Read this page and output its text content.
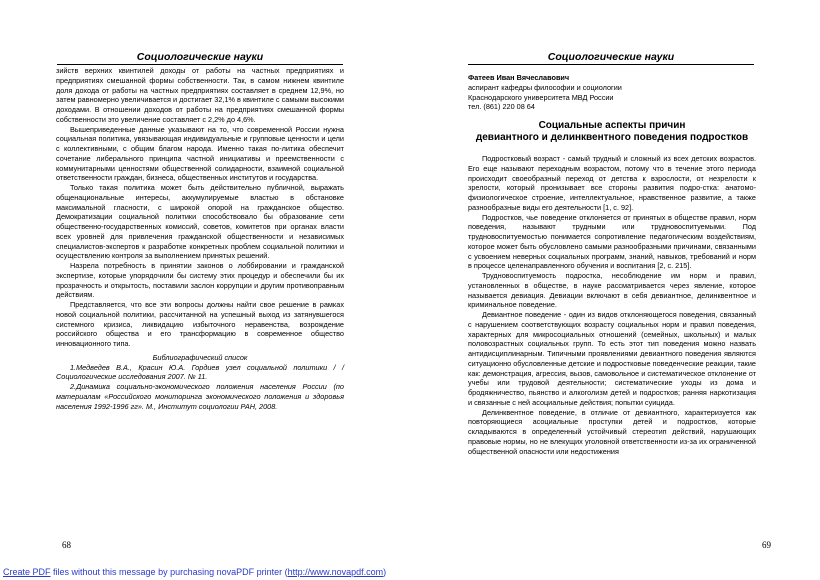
Социологические науки

зийств верхних квинтилей доходы от работы на частных предприятиях и предприятиях смешанной формы собственности. Так, в самом нижнем квинтиле доля дохода от работы на частных предприятиях составляет в среднем 12,9%, но затем равномерно увеличивается и достигает 32,1% в квинтиле с самыми высокими доходами. В отношении доходов от работы на предприятиях смешанной формы собственности это увеличение составляет с 2,2% до 4,6%.

Вышеприведенные данные указывают на то, что современной России нужна социальная политика, увязывающая индивидуальные и групповые ценности и цели с коллективными, с общим благом народа. Именно такая по-литика обеспечит сочетание либерального принципа частной инициативы и преемственности с коммунитарными ценностями общественной солидарности, взаимной социальной ответственности граждан, бизнеса, общественных институтов и государства.

Только такая политика может быть действительно публичной, выражать общенациональные интересы, аккумулируемые властью в обстановке максимальной гласности, с широкой опорой на гражданское общество. Демократизации социальной политики способствовало бы образование сети общественно-государственных комиссий, советов, комитетов при органах власти всех уровней для привлечения гражданской общественности и независимых специалистов-экспертов к разработке конкретных проблем социальной политики и осуществлению контроля за выполнением принятых решений.

Назрела потребность в принятии законов о лоббировании и гражданской экспертизе, которые упорядочили бы систему этих процедур и обеспечили бы их прозрачность и открытость, поставили заслон коррупции и другим противоправным действиям.

Представляется, что все эти вопросы должны найти свое решение в рамках новой социальной политики, рассчитанной на успешный выход из затянувшегося системного кризиса, ликвидацию избыточного неравенства, возрождение российского общества и его трансформацию в современное общество инновационного типа.

Библиографический список

1.Медведев В.А., Красин Ю.А. Гордиев узел социальной политики / / Социологические исследования 2007. № 11.

2.Динамика социально-экономического положения населения России (по материалам «Российского мониторинга экономического положения и здоровья населения 1992-1996 гг». М., Институт социологии РАН, 2008.

68
Социологические науки

Фатеев Иван Вячеславович

аспирант кафедры философии и социологии

Краснодарского университета МВД России

тел. (861) 220 08 64

Социальные аспекты причин
девиантного и делинквентного поведения подростков

Подростковый возраст - самый трудный и сложный из всех детских возрастов. Его еще называют переходным возрастом, потому что в течение этого периода происходит своеобразный переход от детства к взрослости, от незрелости к зрелости, который пронизывает все стороны развития подро-стка: анатомо-физиологическое строение, интеллектуальное, нравственное развитие, а также разнообразные виды его деятельности [1, с. 92].

Подростков, чье поведение отклоняется от принятых в обществе правил, норм поведения, называют трудными или трудновоспитуемыми. Под трудновоспитуемостью понимается сопротивление педагогическим воздействиям, которое может быть обусловлено самыми разнообразными причинами, связанными с усвоением неверных социальных программ, знаний, навыков, требований и норм в процессе целенаправленного обучения и воспитания [2, с. 215].

Трудновоспитуемость подростка, несоблюдение им норм и правил, установленных в обществе, в науке рассматривается через явление, которое называется девиация. Девиации включают в себя девиантное, делинквентное и криминальное поведение.

Девиантное поведение - один из видов отклоняющегося поведения, связанный с нарушением соответствующих возрасту социальных норм и правил поведения, характерных для микросоциальных отношений (семейных, школьных) и малых половозрастных социальных групп. То есть этот тип поведения можно назвать антидисциплинарным. Типичными проявлениями девиантного поведения являются ситуационно обусловленные детские и подростковые поведенческие реакции, такие как: демонстрация, агрессия, вызов, самовольное и систематическое отклонение от учебы или трудовой деятельности; систематические уходы из дома и бродяжничество, пьянство и алкоголизм детей и подростков; ранняя наркотизация и связанные с ней асоциальные действия; попытки суицида.

Делинквентное поведение, в отличие от девиантного, характеризуется как повторяющиеся асоциальные проступки детей и подростков, которые складываются в определенный устойчивый стереотип действий, нарушающих правовые нормы, но не влекущих уголовной ответственности из-за их ограниченной общественной опасности или недостижения

69
Create PDF files without this message by purchasing novaPDF printer (http://www.novapdf.com)
